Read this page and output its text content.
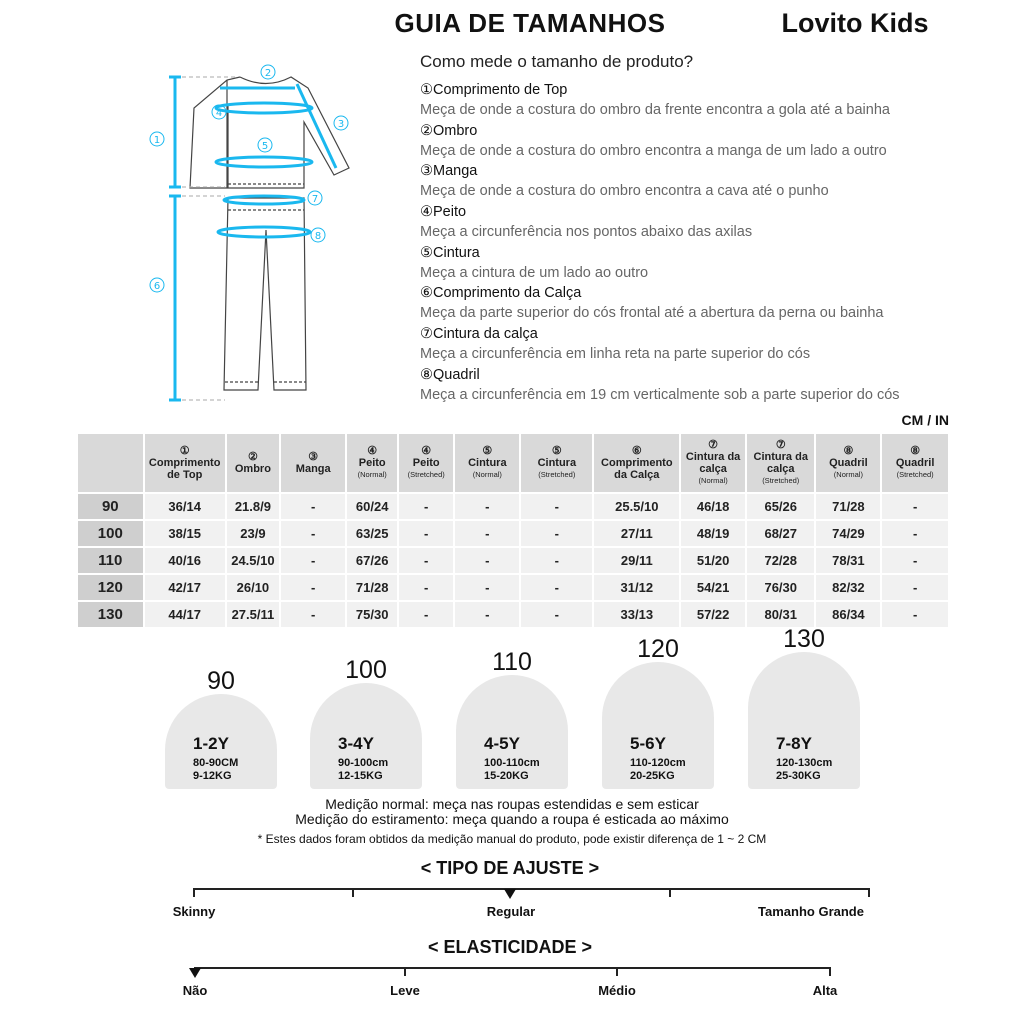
GUIA DE TAMANHOS	Lovito Kids
2
4
3
5
1
7
8
6
Como mede o tamanho de produto?
①Comprimento de Top
Meça de onde a costura do ombro da frente encontra a gola até a bainha
②Ombro
Meça de onde a costura do ombro encontra a manga de um lado a outro
③Manga
Meça de onde a costura do ombro encontra a cava até o punho
④Peito
Meça a circunferência nos pontos abaixo das axilas
⑤Cintura
Meça a cintura de um lado ao outro
⑥Comprimento da Calça
Meça da parte superior do cós frontal até a abertura da perna ou bainha
⑦Cintura da calça
Meça a circunferência em linha reta na parte superior do cós
⑧Quadril
Meça a circunferência em 19 cm verticalmente sob a parte superior do cós
CM / IN
	①
Comprimento de Top	②
Ombro	③
Manga	④
Peito
(Normal)	④
Peito
(Stretched)	⑤
Cintura
(Normal)	⑤
Cintura
(Stretched)	⑥
Comprimento da Calça	⑦
Cintura da calça
(Normal)	⑦
Cintura da calça
(Stretched)	⑧
Quadril
(Normal)	⑧
Quadril
(Stretched)

90	36/14	21.8/9	-	60/24	-	-	-	25.5/10	46/18	65/26	71/28	-
100	38/15	23/9	-	63/25	-	-	-	27/11	48/19	68/27	74/29	-
110	40/16	24.5/10	-	67/26	-	-	-	29/11	51/20	72/28	78/31	-
120	42/17	26/10	-	71/28	-	-	-	31/12	54/21	76/30	82/32	-
130	44/17	27.5/11	-	75/30	-	-	-	33/13	57/22	80/31	86/34	-
1-2Y
80-90CM
9-12KG
90
3-4Y
90-100cm
12-15KG
100
4-5Y
100-110cm
15-20KG
110
5-6Y
110-120cm
20-25KG
120
7-8Y
120-130cm
25-30KG
130
Medição normal: meça nas roupas estendidas e sem esticar
Medição do estiramento: meça quando a roupa é esticada ao máximo
* Estes dados foram obtidos da medição manual do produto, pode existir diferença de 1 ~ 2 CM
< TIPO DE AJUSTE >
Skinny	Regular	Tamanho Grande
< ELASTICIDADE >
Não	Leve	Médio	Alta
